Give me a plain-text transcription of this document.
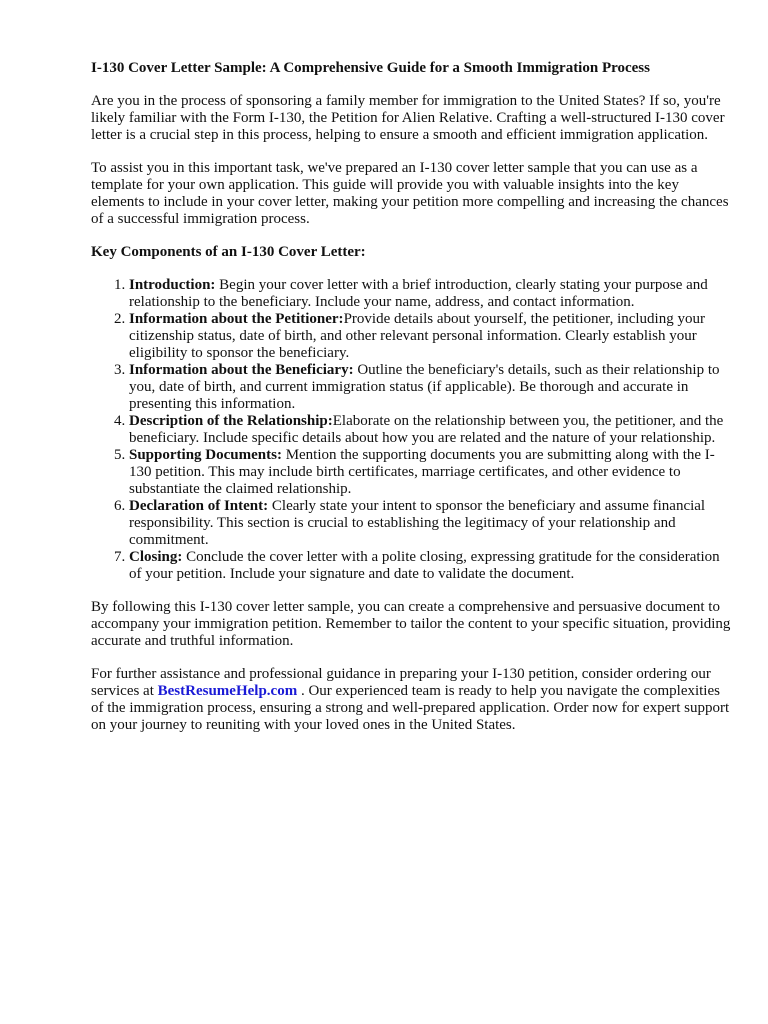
I-130 Cover Letter Sample: A Comprehensive Guide for a Smooth Immigration Process

Are you in the process of sponsoring a family member for immigration to the United States? If so, you're likely familiar with the Form I-130, the Petition for Alien Relative. Crafting a well-structured I-130 cover letter is a crucial step in this process, helping to ensure a smooth and efficient immigration application.

To assist you in this important task, we've prepared an I-130 cover letter sample that you can use as a template for your own application. This guide will provide you with valuable insights into the key elements to include in your cover letter, making your petition more compelling and increasing the chances of a successful immigration process.

Key Components of an I-130 Cover Letter:
1. Introduction: Begin your cover letter with a brief introduction, clearly stating your purpose and relationship to the beneficiary. Include your name, address, and contact information.
2. Information about the Petitioner:Provide details about yourself, the petitioner, including your citizenship status, date of birth, and other relevant personal information. Clearly establish your eligibility to sponsor the beneficiary.
3. Information about the Beneficiary: Outline the beneficiary's details, such as their relationship to you, date of birth, and current immigration status (if applicable). Be thorough and accurate in presenting this information.
4. Description of the Relationship:Elaborate on the relationship between you, the petitioner, and the beneficiary. Include specific details about how you are related and the nature of your relationship.
5. Supporting Documents: Mention the supporting documents you are submitting along with the I-130 petition. This may include birth certificates, marriage certificates, and other evidence to substantiate the claimed relationship.
6. Declaration of Intent: Clearly state your intent to sponsor the beneficiary and assume financial responsibility. This section is crucial to establishing the legitimacy of your relationship and commitment.
7. Closing: Conclude the cover letter with a polite closing, expressing gratitude for the consideration of your petition. Include your signature and date to validate the document.

By following this I-130 cover letter sample, you can create a comprehensive and persuasive document to accompany your immigration petition. Remember to tailor the content to your specific situation, providing accurate and truthful information.

For further assistance and professional guidance in preparing your I-130 petition, consider ordering our services at BestResumeHelp.com . Our experienced team is ready to help you navigate the complexities of the immigration process, ensuring a strong and well-prepared application. Order now for expert support on your journey to reuniting with your loved ones in the United States.
